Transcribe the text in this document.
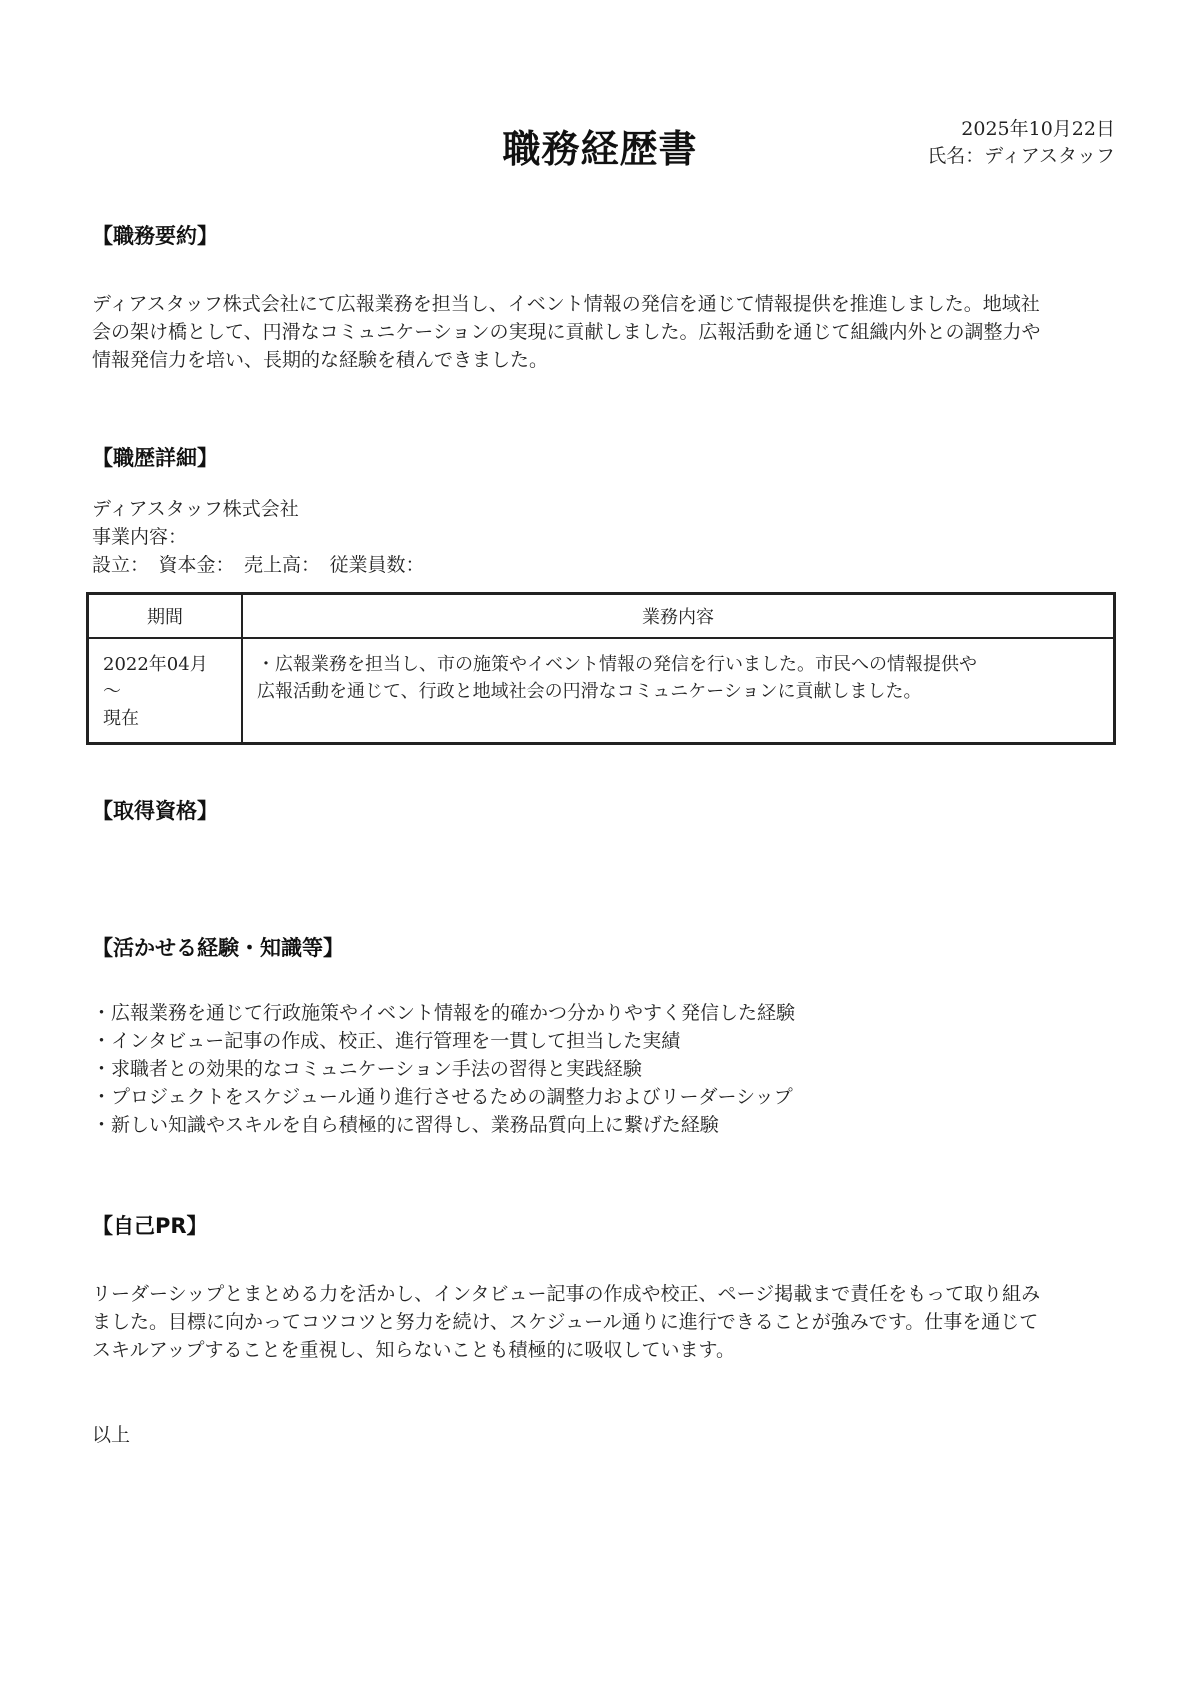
職務経歴書	2025年10月22日
氏名：ディアスタッフ
【職務要約】
ディアスタッフ株式会社にて広報業務を担当し、イベント情報の発信を通じて情報提供を推進しました。地域社
会の架け橋として、円滑なコミュニケーションの実現に貢献しました。広報活動を通じて組織内外との調整力や
情報発信力を培い、長期的な経験を積んできました。
【職歴詳細】
ディアスタッフ株式会社
事業内容：
設立：　資本金：　売上高：　従業員数：
期間	業務内容

2022年04月
～
現在	・広報業務を担当し、市の施策やイベント情報の発信を行いました。市民への情報提供や
広報活動を通じて、行政と地域社会の円滑なコミュニケーションに貢献しました。
【取得資格】
【活かせる経験・知識等】
・広報業務を通じて行政施策やイベント情報を的確かつ分かりやすく発信した経験
・インタビュー記事の作成、校正、進行管理を一貫して担当した実績
・求職者との効果的なコミュニケーション手法の習得と実践経験
・プロジェクトをスケジュール通り進行させるための調整力およびリーダーシップ
・新しい知識やスキルを自ら積極的に習得し、業務品質向上に繋げた経験
【自己PR】
リーダーシップとまとめる力を活かし、インタビュー記事の作成や校正、ページ掲載まで責任をもって取り組み
ました。目標に向かってコツコツと努力を続け、スケジュール通りに進行できることが強みです。仕事を通じて
スキルアップすることを重視し、知らないことも積極的に吸収しています。
以上
